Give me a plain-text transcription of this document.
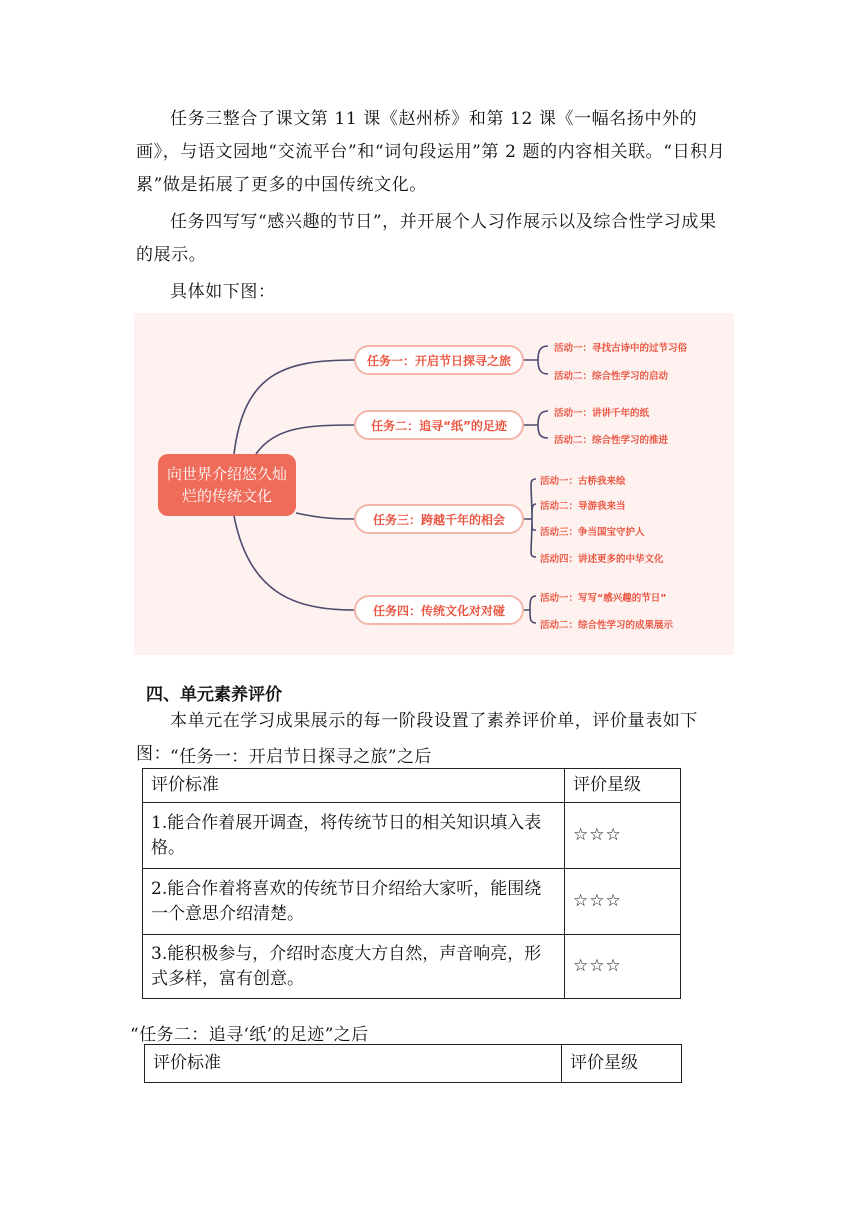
任务三整合了课文第 11 课《赵州桥》和第 12 课《一幅名扬中外的画》，与语文园地“交流平台”和“词句段运用”第 2 题的内容相关联。“日积月累”做是拓展了更多的中国传统文化。

任务四写写“感兴趣的节日”，并开展个人习作展示以及综合性学习成果的展示。

具体如下图：

向世界介绍悠久灿烂的传统文化
任务一：开启节日探寻之旅
任务二：追寻“纸”的足迹
任务三：跨越千年的相会
任务四：传统文化对对碰
活动一：寻找古诗中的过节习俗
活动二：综合性学习的启动
活动一：讲讲千年的纸
活动二：综合性学习的推进
活动一：古桥我来绘
活动二：导游我来当
活动三：争当国宝守护人
活动四：讲述更多的中华文化
活动一：写写“感兴趣的节日”
活动二：综合性学习的成果展示
四、单元素养评价

本单元在学习成果展示的每一阶段设置了素养评价单，评价量表如下图：

“任务一：开启节日探寻之旅”之后
评价标准	评价星级
1.能合作着展开调查，将传统节日的相关知识填入表格。	☆☆☆
2.能合作着将喜欢的传统节日介绍给大家听，能围绕一个意思介绍清楚。	☆☆☆
3.能积极参与，介绍时态度大方自然，声音响亮，形式多样，富有创意。	☆☆☆
“任务二：追寻‘纸’的足迹”之后
评价标准	评价星级
